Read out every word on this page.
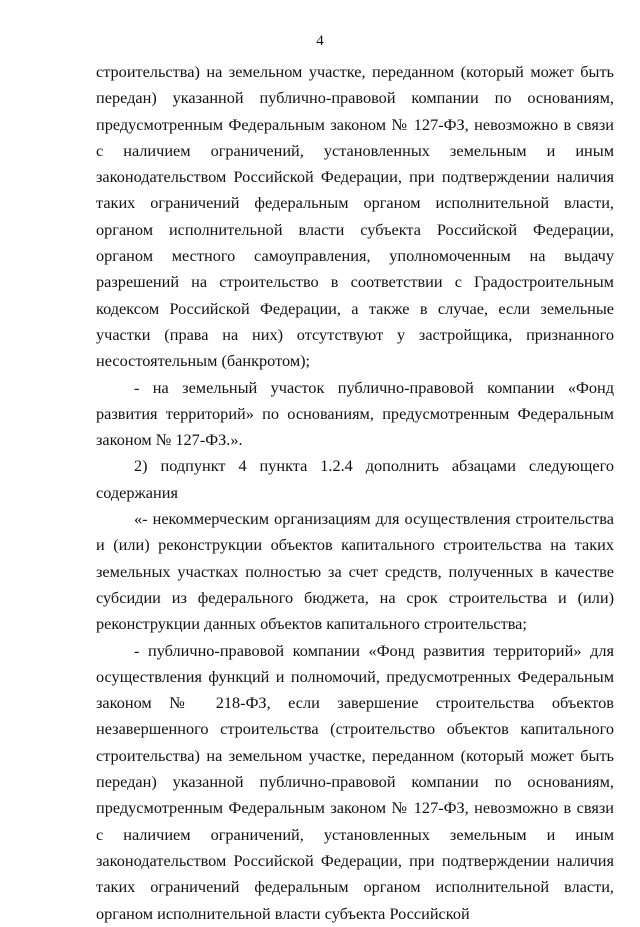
4

строительства) на земельном участке, переданном (который может быть передан) указанной публично-правовой компании по основаниям, предусмотренным Федеральным законом № 127-ФЗ, невозможно в связи с наличием ограничений, установленных земельным и иным законодательством Российской Федерации, при подтверждении наличия таких ограничений федеральным органом исполнительной власти, органом исполнительной власти субъекта Российской Федерации, органом местного самоуправления, уполномоченным на выдачу разрешений на строительство в соответствии с Градостроительным кодексом Российской Федерации, а также в случае, если земельные участки (права на них) отсутствуют у застройщика, признанного несостоятельным (банкротом);

- на земельный участок публично-правовой компании «Фонд развития территорий» по основаниям, предусмотренным Федеральным законом № 127-ФЗ.».

2) подпункт 4 пункта 1.2.4 дополнить абзацами следующего содержания

«- некоммерческим организациям для осуществления строительства и (или) реконструкции объектов капитального строительства на таких земельных участках полностью за счет средств, полученных в качестве субсидии из федерального бюджета, на срок строительства и (или) реконструкции данных объектов капитального строительства;

- публично-правовой компании «Фонд развития территорий» для осуществления функций и полномочий, предусмотренных Федеральным законом № 218-ФЗ, если завершение строительства объектов незавершенного строительства (строительство объектов капитального строительства) на земельном участке, переданном (который может быть передан) указанной публично-правовой компании по основаниям, предусмотренным Федеральным законом № 127-ФЗ, невозможно в связи с наличием ограничений, установленных земельным и иным законодательством Российской Федерации, при подтверждении наличия таких ограничений федеральным органом исполнительной власти, органом исполнительной власти субъекта Российской
